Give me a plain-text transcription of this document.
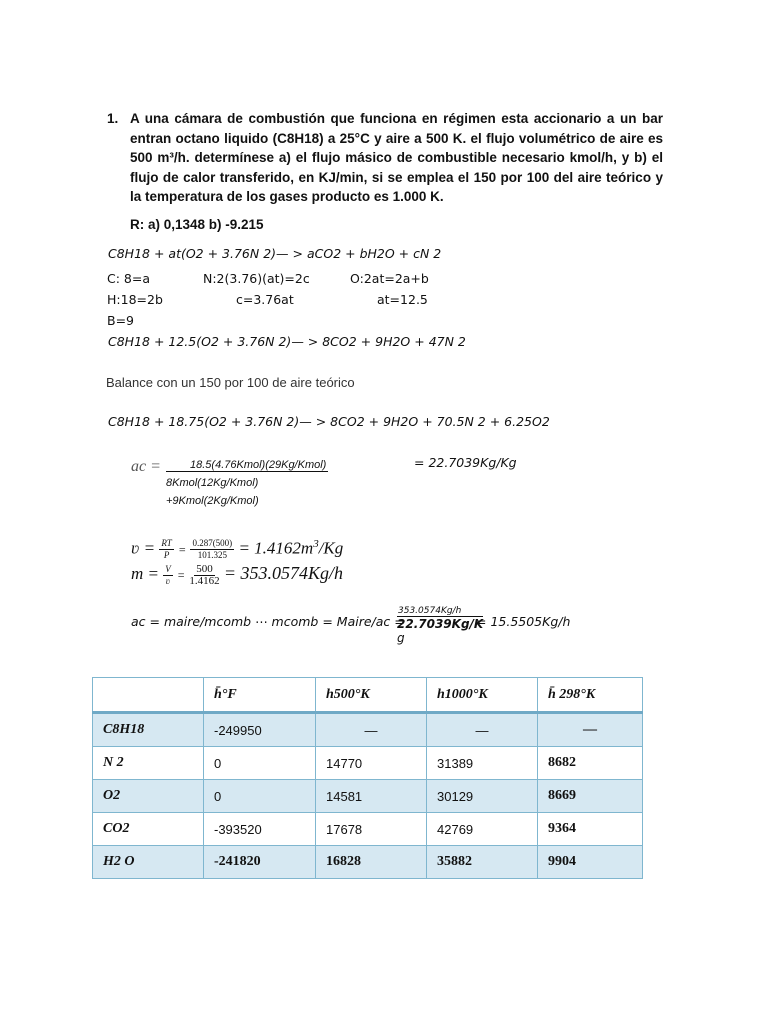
1. A una cámara de combustión que funciona en régimen esta accionario a un bar entran octano liquido (C8H18) a 25°C y aire a 500 K. el flujo volumétrico de aire es 500 m³/h. determínese a) el flujo másico de combustible necesario kmol/h, y b) el flujo de calor transferido, en KJ/min, si se emplea el 150 por 100 del aire teórico y la temperatura de los gases producto es 1.000 K.
R: a) 0,1348 b) -9.215
C8H18 + at(O2 + 3.76N 2)— > aCO2 + bH2O + cN 2
C: 8=a	N:2(3.76)(at)=2c	O:2at=2a+b
H:18=2b	c=3.76at	at=12.5
B=9
C8H18 + 12.5(O2 + 3.76N 2)— > 8CO2 + 9H2O + 47N 2
Balance con un 150 por 100 de aire teórico
C8H18 + 18.75(O2 + 3.76N 2)— > 8CO2 + 9H2O + 70.5N 2 + 6.25O2
ac =	18.5(4.76Kmol)(29Kg/Kmol)
8Kmol(12Kg/Kmol)
+9Kmol(2Kg/Kmol)
= 22.7039Kg/Kg
ʋ = $\frac{RT}{P} = \frac{0.287(500)}{101.325} = 1.4162m^3/Kg$
$m = \frac{V}{\text{ʋ}} = \frac{500}{1.4162} = 353.0574Kg/h$
ac = maire/mcomb ⋯ mcomb = Maire/ac =
353.0574Kg/h
22.7039Kg/K
g
= 15.5505Kg/h
	h̄°F	h500°K	h1000°K	h̄ 298°K
C8H18	-249950	—	—	—
N 2	0	14770	31389	8682
O2	0	14581	30129	8669
CO2	-393520	17678	42769	9364
H2 O	-241820	16828	35882	9904
